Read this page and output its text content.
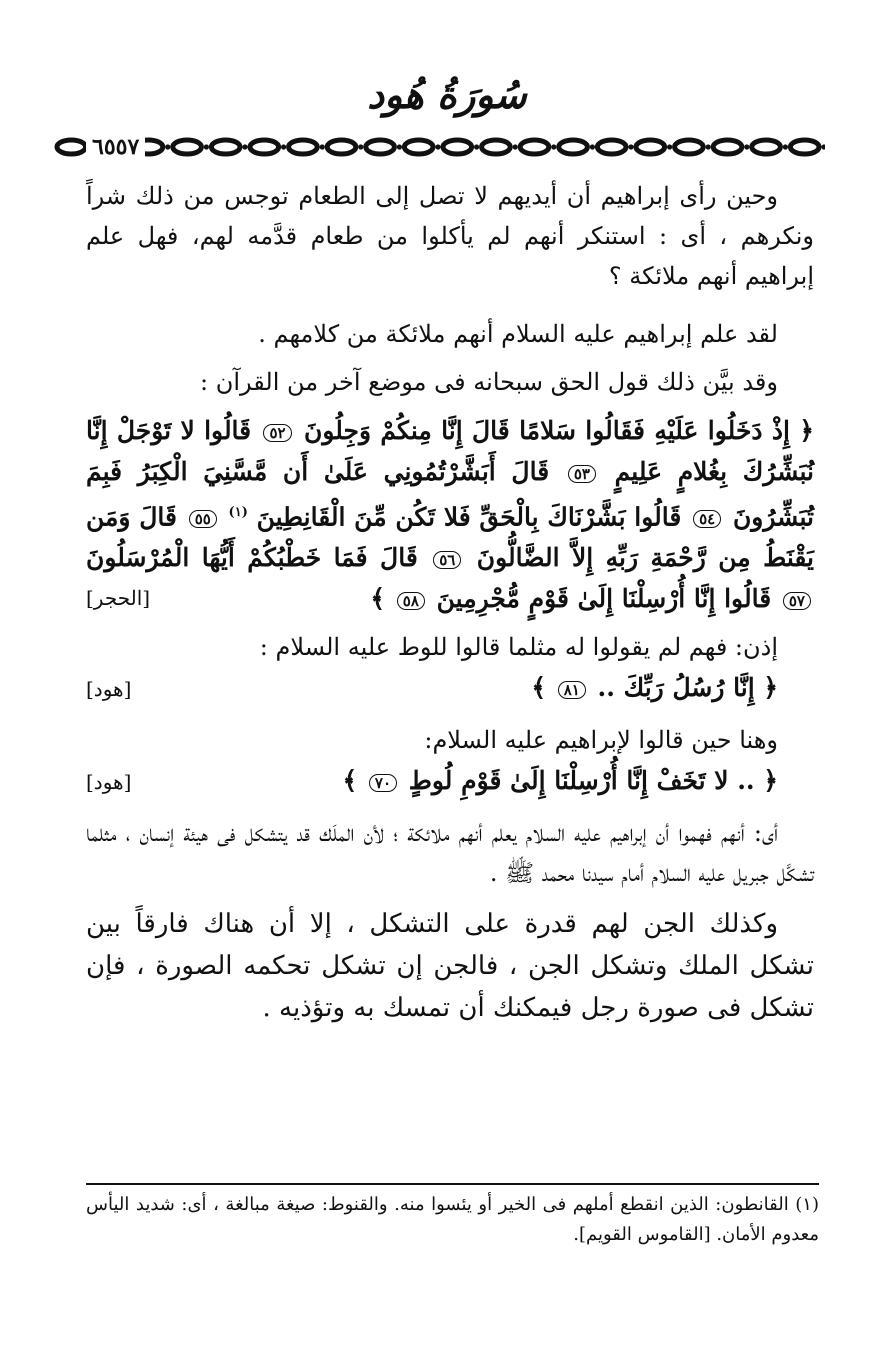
سُورَةُ هُود
٦٥٥٧

وحين رأى إبراهيم أن أيديهم لا تصل إلى الطعام توجس من ذلك شراً ونكرهم ، أى : استنكر أنهم لم يأكلوا من طعام قدَّمه لهم، فهل علم إبراهيم أنهم ملائكة ؟

لقد علم إبراهيم عليه السلام أنهم ملائكة من كلامهم .

وقد بيَّن ذلك قول الحق سبحانه فى موضع آخر من القرآن :

﴿ إِذْ دَخَلُوا عَلَيْهِ فَقَالُوا سَلامًا قَالَ إِنَّا مِنكُمْ وَجِلُونَ ٥٢ قَالُوا لا تَوْجَلْ إِنَّا نُبَشِّرُكَ بِغُلامٍ عَلِيمٍ ٥٣ قَالَ أَبَشَّرْتُمُونِي عَلَىٰ أَن مَّسَّنِيَ الْكِبَرُ فَبِمَ تُبَشِّرُونَ ٥٤ قَالُوا بَشَّرْنَاكَ بِالْحَقِّ فَلا تَكُن مِّنَ الْقَانِطِينَ $^{(١)}$ ٥٥ قَالَ وَمَن يَقْنَطُ مِن رَّحْمَةِ رَبِّهِ إِلاَّ الضَّالُّونَ ٥٦ قَالَ فَمَا خَطْبُكُمْ أَيُّهَا الْمُرْسَلُونَ ٥٧ قَالُوا إِنَّا أُرْسِلْنَا إِلَىٰ قَوْمٍ مُّجْرِمِينَ ٥٨ ﴾
[الحجر]

إذن: فهم لم يقولوا له مثلما قالوا للوط عليه السلام :

﴿ إِنَّا رُسُلُ رَبِّكَ .. ٨١ ﴾
[هود]

وهنا حين قالوا لإبراهيم عليه السلام:

﴿ .. لا تَخَفْ إِنَّا أُرْسِلْنَا إِلَىٰ قَوْمِ لُوطٍ ٧٠ ﴾
[هود]

أى: أنهم فهموا أن إبراهيم عليه السلام يعلم أنهم ملائكة ؛ لأن الملَك قد يتشكل فى هيئة إنسان ، مثلما تشكَّل جبريل عليه السلام أمام سيدنا محمد ﷺ .

وكذلك الجن لهم قدرة على التشكل ، إلا أن هناك فارقاً بين تشكل الملك وتشكل الجن ، فالجن إن تشكل تحكمه الصورة ، فإن تشكل فى صورة رجل فيمكنك أن تمسك به وتؤذيه .

(١) القانطون: الذين انقطع أملهم فى الخير أو يئسوا منه. والقنوط: صيغة مبالغة ، أى: شديد اليأس معدوم الأمان. [القاموس القويم].
